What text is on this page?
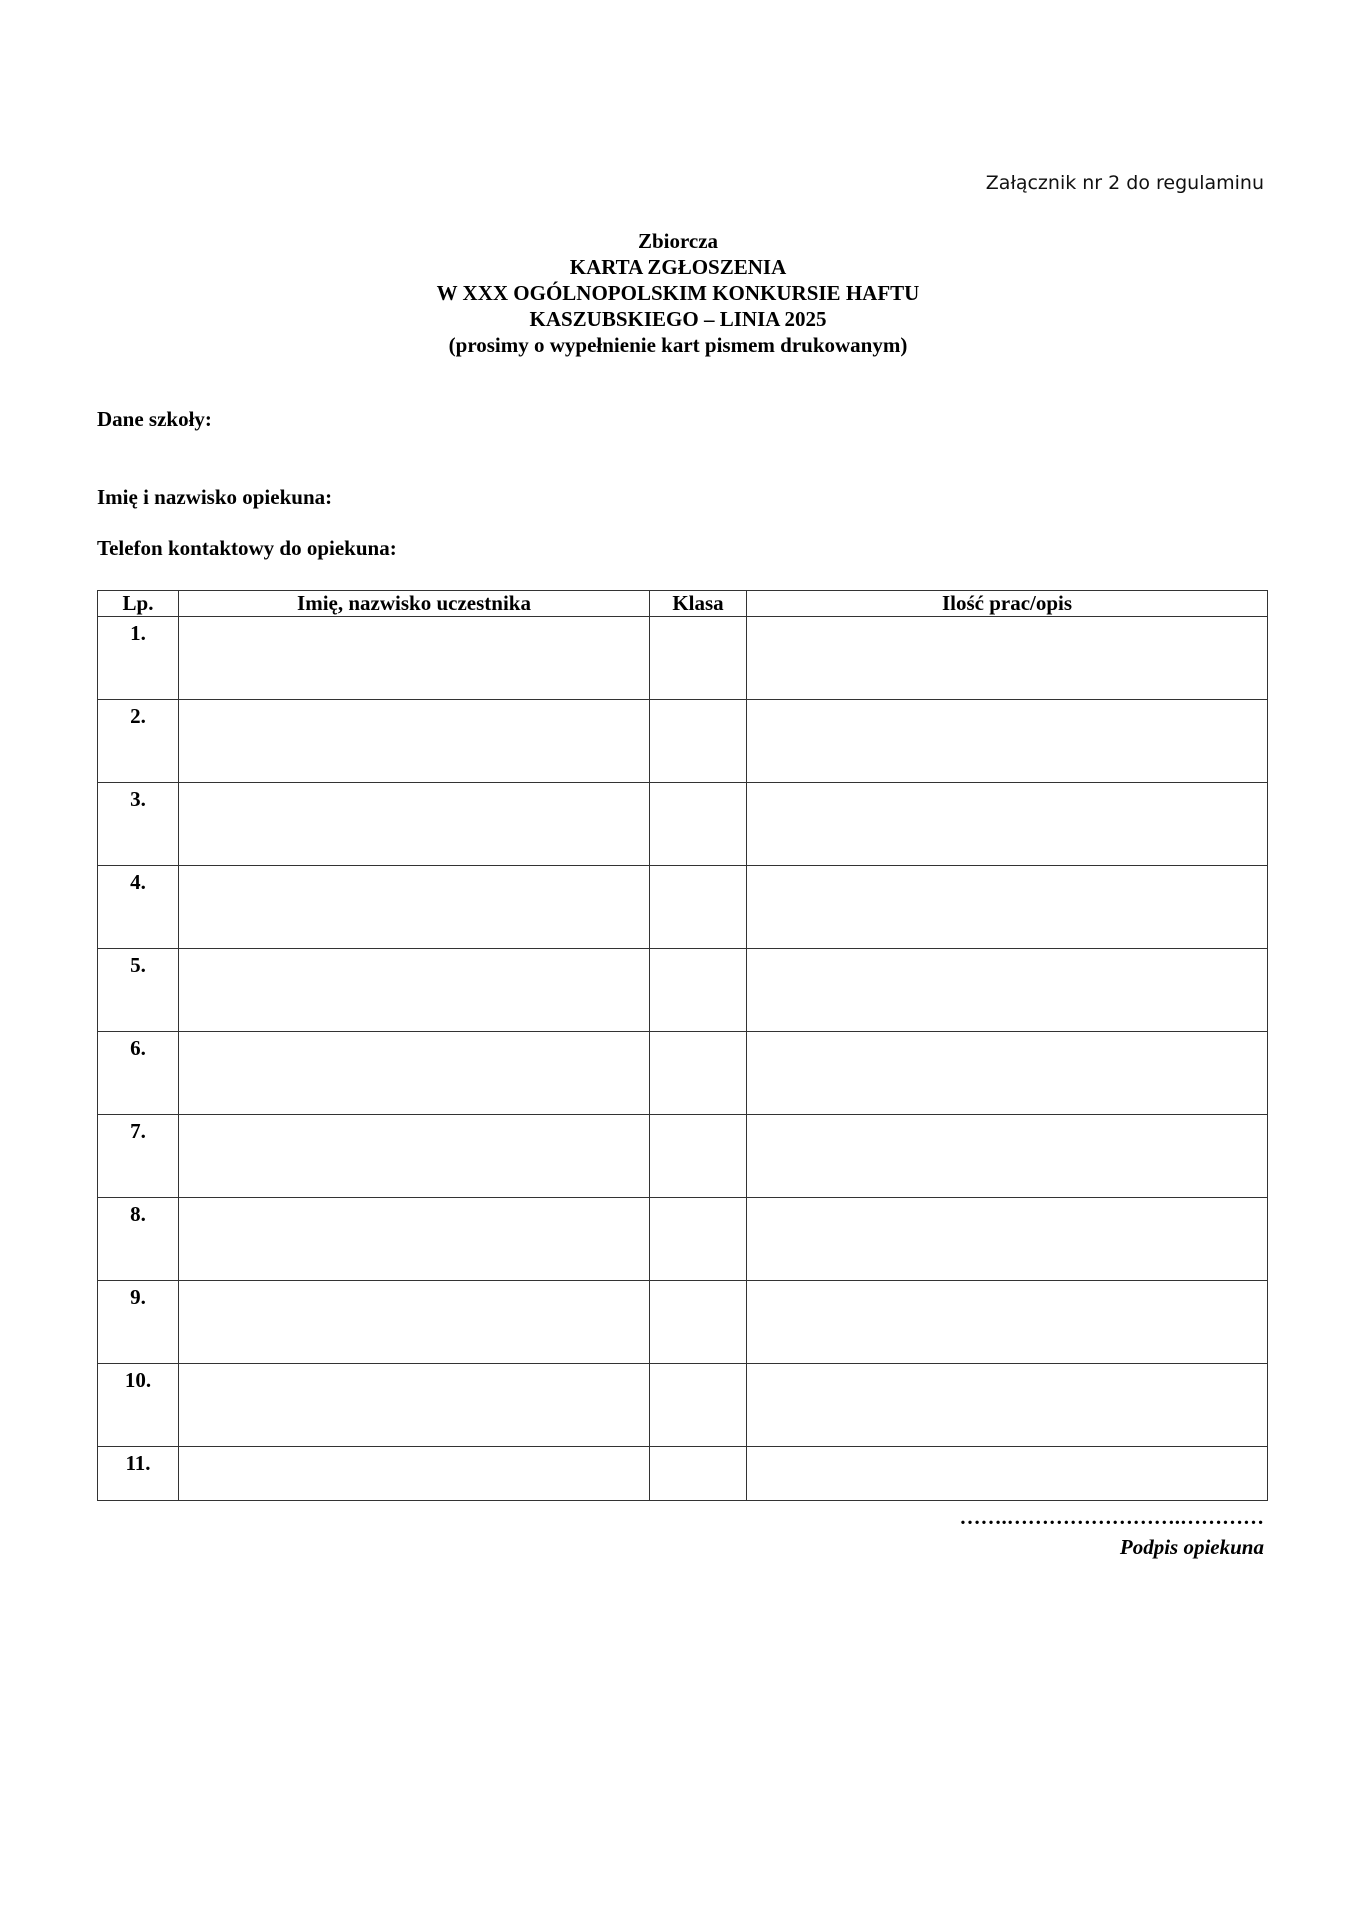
Załącznik nr 2 do regulaminu
Zbiorcza
KARTA ZGŁOSZENIA
W XXX OGÓLNOPOLSKIM KONKURSIE HAFTU
KASZUBSKIEGO – LINIA 2025
(prosimy o wypełnienie kart pismem drukowanym)
Dane szkoły:
Imię i nazwisko opiekuna:
Telefon kontaktowy do opiekuna:
Lp.	Imię, nazwisko uczestnika	Klasa	Ilość prac/opis
1.			
2.			
3.			
4.			
5.			
6.			
7.			
8.			
9.			
10.			
11.			
…….…………………….…………
Podpis opiekuna
